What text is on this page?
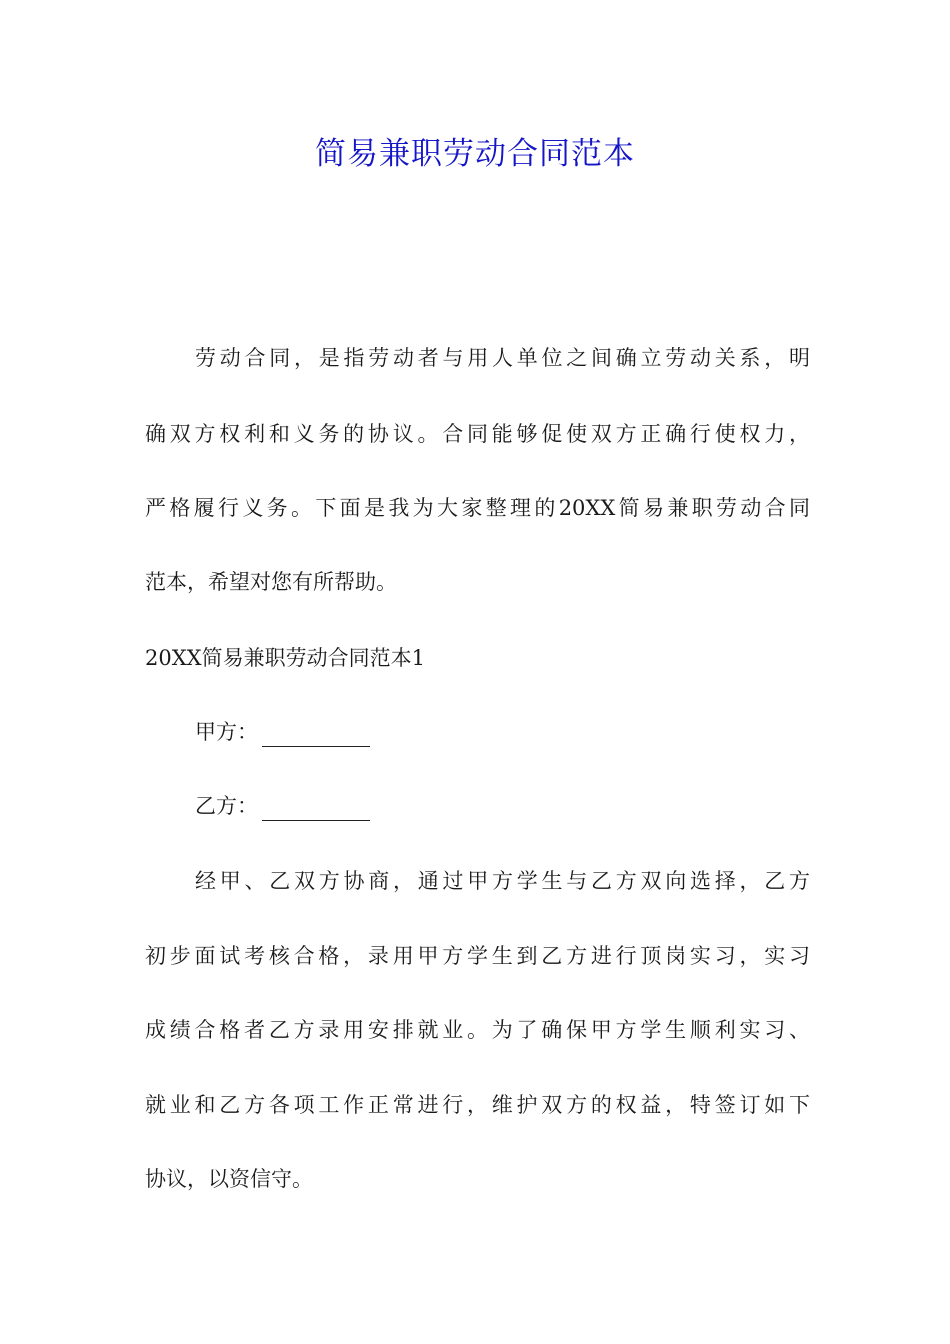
简易兼职劳动合同范本
劳动合同，是指劳动者与用人单位之间确立劳动关系，明
确双方权利和义务的协议。合同能够促使双方正确行使权力，
严格履行义务。下面是我为大家整理的20XX简易兼职劳动合同
范本，希望对您有所帮助。
20XX简易兼职劳动合同范本1
甲方：
乙方：
经甲、乙双方协商，通过甲方学生与乙方双向选择，乙方
初步面试考核合格，录用甲方学生到乙方进行顶岗实习，实习
成绩合格者乙方录用安排就业。为了确保甲方学生顺利实习、
就业和乙方各项工作正常进行，维护双方的权益，特签订如下
协议，以资信守。
